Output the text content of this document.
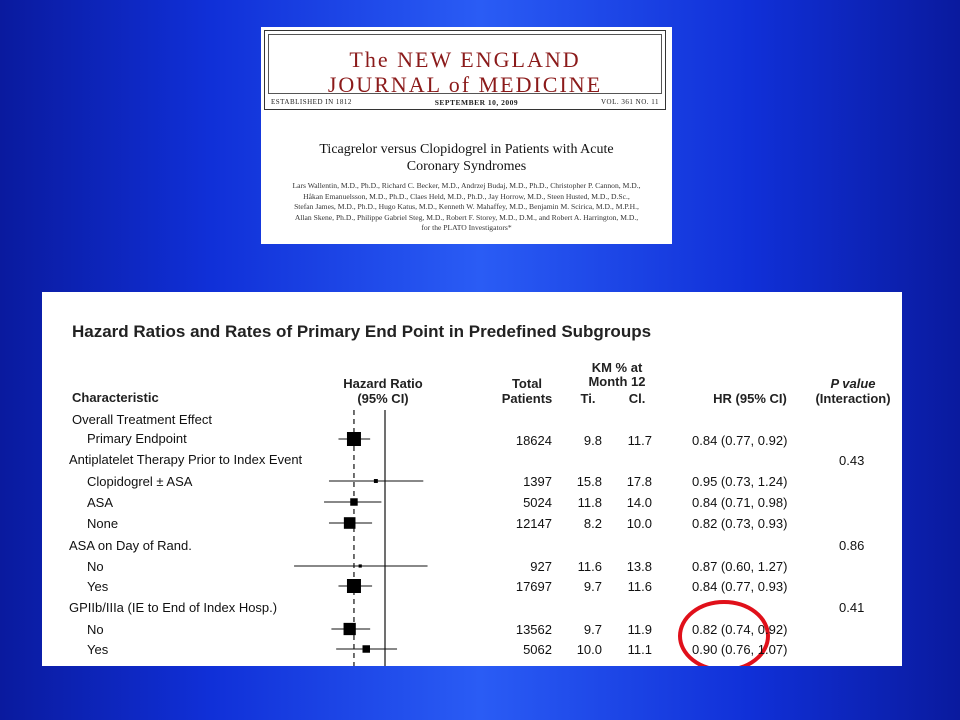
The NEW ENGLAND
JOURNAL of MEDICINE
ESTABLISHED IN 1812	SEPTEMBER 10, 2009	VOL. 361 NO. 11
Ticagrelor versus Clopidogrel in Patients with Acute
Coronary Syndromes
Lars Wallentin, M.D., Ph.D., Richard C. Becker, M.D., Andrzej Budaj, M.D., Ph.D., Christopher P. Cannon, M.D.,
Håkan Emanuelsson, M.D., Ph.D., Claes Held, M.D., Ph.D., Jay Horrow, M.D., Steen Husted, M.D., D.Sc.,
Stefan James, M.D., Ph.D., Hugo Katus, M.D., Kenneth W. Mahaffey, M.D., Benjamin M. Scirica, M.D., M.P.H.,
Allan Skene, Ph.D., Philippe Gabriel Steg, M.D., Robert F. Storey, M.D., D.M., and Robert A. Harrington, M.D.,
for the PLATO Investigators*
Hazard Ratios and Rates of Primary End Point in Predefined Subgroups
Characteristic
Hazard Ratio
(95% CI)
Total
Patients
KM % at
Month 12
Ti.	Cl.	HR (95% CI)
P value
(Interaction)
Overall Treatment Effect
Primary Endpoint	18624	9.8	11.7	0.84 (0.77, 0.92)
Antiplatelet Therapy Prior to Index Event	0.43
Clopidogrel ± ASA	1397	15.8	17.8	0.95 (0.73, 1.24)
ASA	5024	11.8	14.0	0.84 (0.71, 0.98)
None	12147	8.2	10.0	0.82 (0.73, 0.93)
ASA on Day of Rand.	0.86
No	927	11.6	13.8	0.87 (0.60, 1.27)
Yes	17697	9.7	11.6	0.84 (0.77, 0.93)
GPIIb/IIIa (IE to End of Index Hosp.)	0.41
No	13562	9.7	11.9	0.82 (0.74, 0.92)
Yes	5062	10.0	11.1	0.90 (0.76, 1.07)
